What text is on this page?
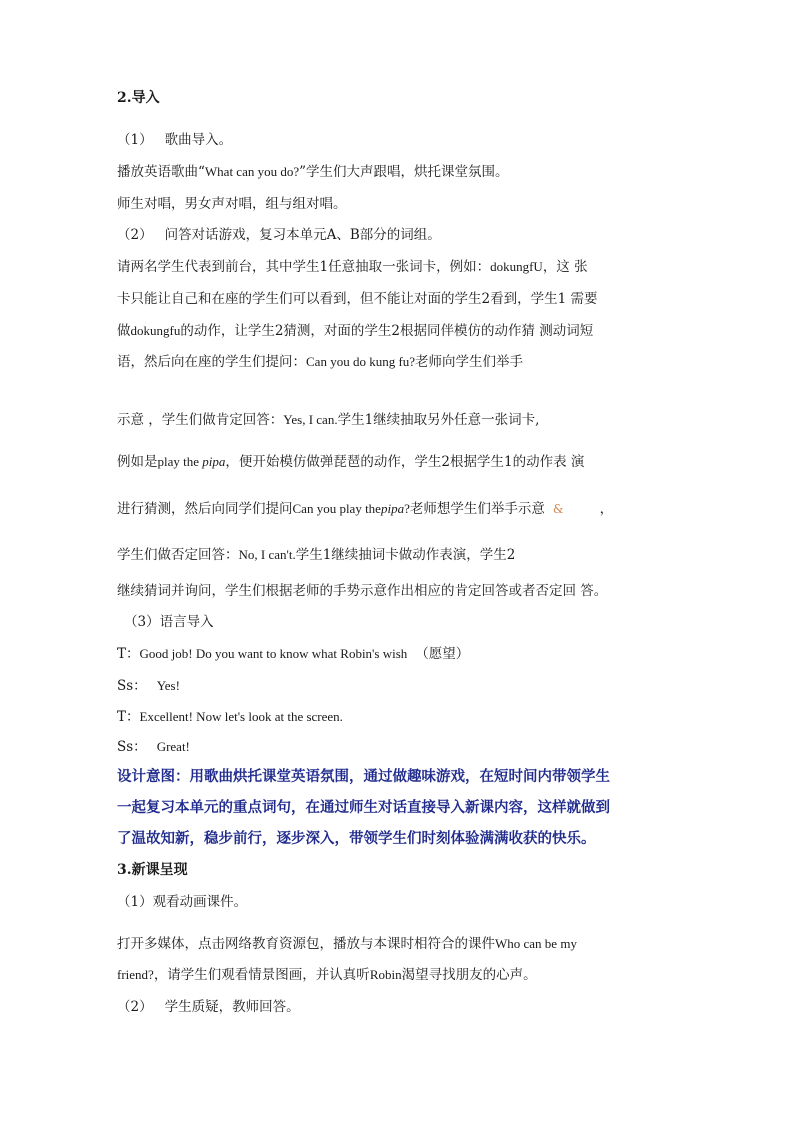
2.导入
（1） 歌曲导入。
播放英语歌曲“What can you do?”学生们大声跟唱，烘托课堂氛围。
师生对唱，男女声对唱，组与组对唱。
（2） 问答对话游戏，复习本单元A、B部分的词组。
请两名学生代表到前台，其中学生1任意抽取一张词卡，例如：dokungfU，这 张
卡只能让自己和在座的学生们可以看到，但不能让对面的学生2看到，学生1 需要
做dokungfu的动作，让学生2猜测，对面的学生2根据同伴模仿的动作猜 测动词短
语，然后向在座的学生们提问：Can you do kung fu?老师向学生们举手
示意 ，学生们做肯定回答：Yes, I can.学生1继续抽取另外任意一张词卡,
例如是play the pipa，便开始模仿做弹琵琶的动作，学生2根据学生1的动作表 演
进行猜测，然后向同学们提问Can you play thepipa?老师想学生们举手示意 &	，
学生们做否定回答：No, I can't.学生1继续抽词卡做动作表演，学生2
继续猜词并询问，学生们根据老师的手势示意作出相应的肯定回答或者否定回 答。
（3）语言导入
T：Good job! Do you want to know what Robin's wish （愿望）
Ss： Yes!
T：Excellent! Now let's look at the screen.
Ss： Great!
设计意图：用歌曲烘托课堂英语氛围，通过做趣味游戏，在短时间内带领学生
一起复习本单元的重点词句，在通过师生对话直接导入新课内容，这样就做到
了温故知新，稳步前行，逐步深入，带领学生们时刻体验满满收获的快乐。
3.新课呈现
（1）观看动画课件。
打开多媒体，点击网络教育资源包，播放与本课时相符合的课件Who can be my
friend?，请学生们观看情景图画，并认真听Robin渴望寻找朋友的心声。
（2） 学生质疑，教师回答。
